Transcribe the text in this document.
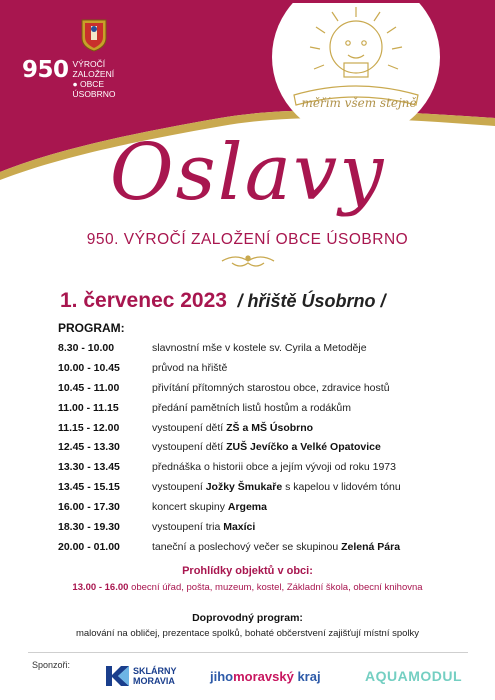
950 VÝROČÍ
ZALOŽENÍ
● OBCE
ÚSOBRNO
měřím všem stejně
Oslavy
950. VÝROČÍ ZALOŽENÍ OBCE ÚSOBRNO
1. červenec 2023 / hřiště Úsobrno /
PROGRAM:
8.30 - 10.00	slavnostní mše v kostele sv. Cyrila a Metoděje
10.00 - 10.45	průvod na hřiště
10.45 - 11.00	přivítání přítomných starostou obce, zdravice hostů
11.00 - 11.15	předání pamětních listů hostům a rodákům
11.15 - 12.00	vystoupení dětí ZŠ a MŠ Úsobrno
12.45 - 13.30	vystoupení dětí ZUŠ Jevíčko a Velké Opatovice
13.30 - 13.45	přednáška o historii obce a jejím vývoji od roku 1973
13.45 - 15.15	vystoupení Jožky Šmukaře s kapelou v lidovém tónu
16.00 - 17.30	koncert skupiny Argema
18.30 - 19.30	vystoupení tria Maxíci
20.00 - 01.00	taneční a poslechový večer se skupinou Zelená Pára
Prohlídky objektů v obci:
13.00 - 16.00 obecní úřad, pošta, muzeum, kostel, Základní škola, obecní knihovna
Doprovodný program:
malování na obličej, prezentace spolků, bohaté občerstvení zajišťují místní spolky
Sponzoři:
SKLÁRNY
MORAVIA	jihomoravský kraj	AQUAMODUL
